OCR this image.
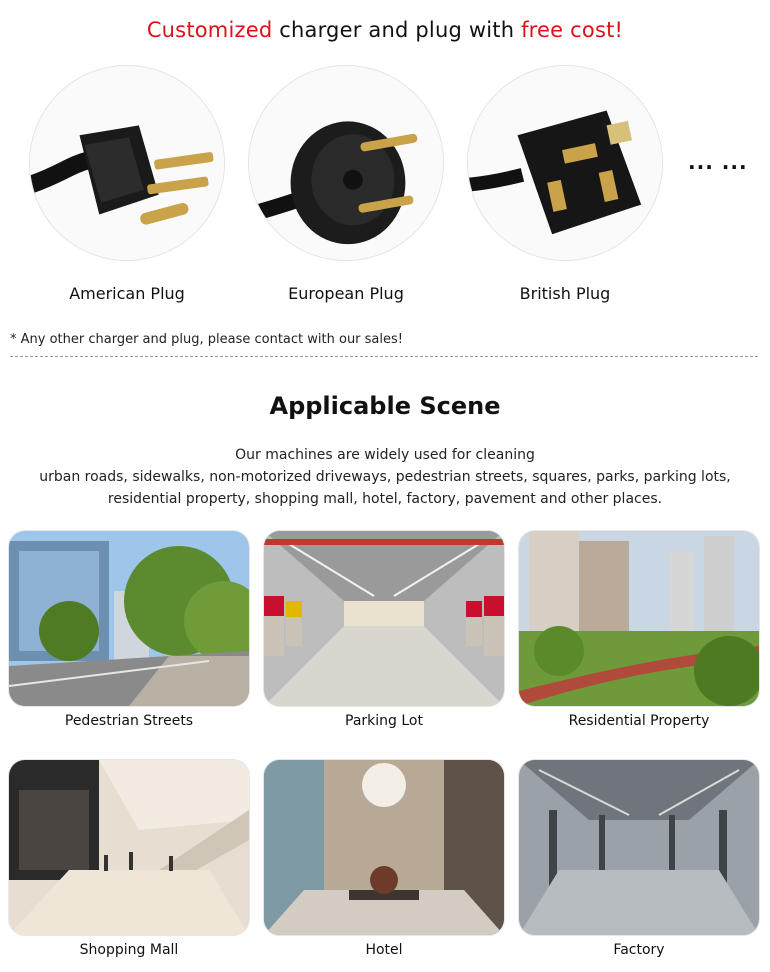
Customized charger and plug with free cost!
American Plug	European Plug	British Plug
... ...
* Any other charger and plug, please contact with our sales!
Applicable Scene
Our machines are widely used for cleaning
urban roads, sidewalks, non-motorized driveways, pedestrian streets, squares, parks, parking lots,
residential property, shopping mall, hotel, factory, pavement and other places.
Pedestrian Streets	Parking Lot	Residential Property
Shopping Mall	Hotel	Factory
